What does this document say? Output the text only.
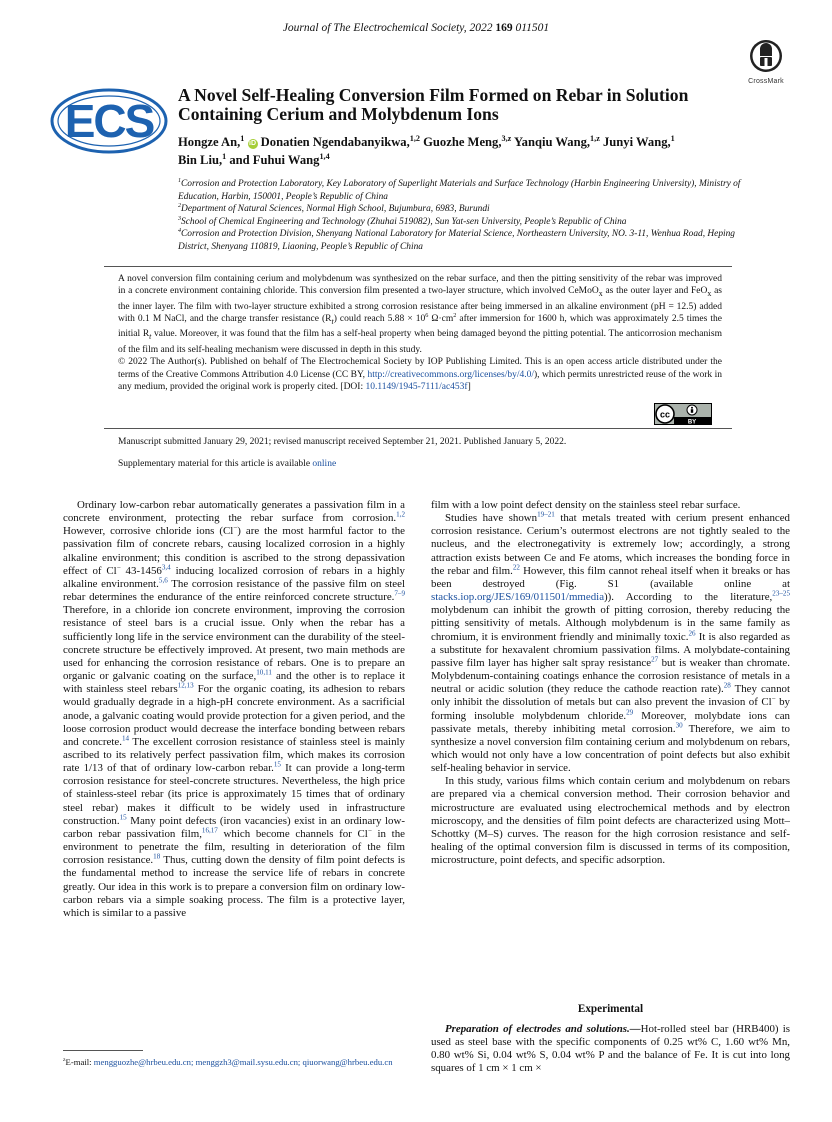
Journal of The Electrochemical Society, 2022 169 011501
CrossMark
ECS A Novel Self-Healing Conversion Film Formed on Rebar in Solution Containing Cerium and Molybdenum Ions
Hongze An,$^1$ iD Donatien Ngendabanyikwa,$^{1,2}$ Guozhe Meng,$^{3,z}$ Yanqiu Wang,$^{1,z}$ Junyi Wang,$^1$
Bin Liu,$^1$ and Fuhui Wang$^{1,4}$
$^1$Corrosion and Protection Laboratory, Key Laboratory of Superlight Materials and Surface Technology (Harbin Engineering University), Ministry of Education, Harbin, 150001, People’s Republic of China
$^2$Department of Natural Sciences, Normal High School, Bujumbura, 6983, Burundi
$^3$School of Chemical Engineering and Technology (Zhuhai 519082), Sun Yat-sen University, People’s Republic of China
$^4$Corrosion and Protection Division, Shenyang National Laboratory for Material Science, Northeastern University, NO. 3-11, Wenhua Road, Heping District, Shenyang 110819, Liaoning, People’s Republic of China

A novel conversion film containing cerium and molybdenum was synthesized on the rebar surface, and then the pitting sensitivity of the rebar was improved in a concrete environment containing chloride. This conversion film presented a two-layer structure, which involved CeMoO$_x$ as the outer layer and FeO$_x$ as the inner layer. The film with two-layer structure exhibited a strong corrosion resistance after being immersed in an alkaline environment (pH = 12.5) added with 0.1 M NaCl, and the charge transfer resistance $(R_t)$ could reach $5.88 \times 10^6$ $\Omega\cdot cm^2$ after immersion for 1600 h, which was approximately 2.5 times the initial $R_t$ value. Moreover, it was found that the film has a self-heal property when being damaged beyond the pitting potential. The anticorrosion mechanism of the film and its self-healing mechanism were discussed in depth in this study.

© 2022 The Author(s). Published on behalf of The Electrochemical Society by IOP Publishing Limited. This is an open access article distributed under the terms of the Creative Commons Attribution 4.0 License (CC BY, http://creativecommons.org/licenses/by/4.0/), which permits unrestricted reuse of the work in any medium, provided the original work is properly cited. [DOI: 10.1149/1945-7111/ac453f]

cc
BY
Manuscript submitted January 29, 2021; revised manuscript received September 21, 2021. Published January 5, 2022.
Supplementary material for this article is available online

Ordinary low-carbon rebar automatically generates a passivation film in a concrete environment, protecting the rebar surface from corrosion.$^{1,2}$ However, corrosive chloride ions (Cl−) are the most harmful factor to the passivation film of concrete rebars, causing localized corrosion in a highly alkaline environment; this condition is ascribed to the strong depassivation effect of Cl− 43-1456$^{3,4}$ inducing localized corrosion of rebars in a highly alkaline environment.$^{5,6}$ The corrosion resistance of the passive film on steel rebar determines the endurance of the entire reinforced concrete structure.$^{7-9}$ Therefore, in a chloride ion concrete environment, improving the corrosion resistance of steel bars is a crucial issue. Only when the rebar has a sufficiently long life in the service environment can the durability of the steel-concrete structure be effectively improved. At present, two main methods are used for enhancing the corrosion resistance of rebars. One is to prepare an organic or galvanic coating on the surface,$^{10,11}$ and the other is to replace it with stainless steel rebars$^{12,13}$ For the organic coating, its adhesion to rebars would gradually degrade in a high-pH concrete environment. As a sacrificial anode, a galvanic coating would provide protection for a given period, and the loose corrosion product would decrease the interface bonding between rebars and concrete.$^{14}$ The excellent corrosion resistance of stainless steel is mainly ascribed to its relatively perfect passivation film, which makes its corrosion rate 1/13 of that of ordinary low-carbon rebar.$^{15}$ It can provide a long-term corrosion resistance for steel-concrete structures. Nevertheless, the high price of stainless-steel rebar (its price is approximately 15 times that of ordinary steel rebar) makes it difficult to be widely used in infrastructure construction.$^{15}$ Many point defects (iron vacancies) exist in an ordinary low-carbon rebar passivation film,$^{16,17}$ which become channels for Cl− in the environment to penetrate the film, resulting in deterioration of the film corrosion resistance.$^{18}$ Thus, cutting down the density of film point defects is the fundamental method to increase the service life of rebars in concrete greatly. Our idea in this work is to prepare a conversion film on ordinary low-carbon rebars via a simple soaking process. The film is a protective layer, which is similar to a passive

film with a low point defect density on the stainless steel rebar surface.

Studies have shown$^{19-21}$ that metals treated with cerium present enhanced corrosion resistance. Cerium’s outermost electrons are not tightly sealed to the nucleus, and the electronegativity is extremely low; accordingly, a strong attraction exists between Ce and Fe atoms, which increases the bonding force in the rebar and film.$^{22}$ However, this film cannot reheal itself when it breaks or has been destroyed (Fig. S1 (available online at stacks.iop.org/JES/169/011501/mmedia)). According to the literature,$^{23-25}$ molybdenum can inhibit the growth of pitting corrosion, thereby reducing the pitting sensitivity of metals. Although molybdenum is in the same family as chromium, it is environment friendly and minimally toxic.$^{26}$ It is also regarded as a substitute for hexavalent chromium passivation films. A molybdate-containing passive film layer has higher salt spray resistance$^{27}$ but is weaker than chromate. Molybdenum-containing coatings enhance the corrosion resistance of metals in a neutral or acidic solution (they reduce the cathode reaction rate).$^{28}$ They cannot only inhibit the dissolution of metals but can also prevent the invasion of Cl− by forming insoluble molybdenum chloride.$^{29}$ Moreover, molybdate ions can passivate metals, thereby inhibiting metal corrosion.$^{30}$ Therefore, we aim to synthesize a novel conversion film containing cerium and molybdenum on rebars, which would not only have a low concentration of point defects but also exhibit self-healing behavior in service.

In this study, various films which contain cerium and molybdenum on rebars are prepared via a chemical conversion method. Their corrosion behavior and microstructure are evaluated using electrochemical methods and by electron microscopy, and the densities of film point defects are characterized using Mott–Schottky (M–S) curves. The reason for the high corrosion resistance and self-healing of the optimal conversion film is discussed in terms of its composition, microstructure, point defects, and specific adsorption.

Experimental

Preparation of electrodes and solutions.—Hot-rolled steel bar (HRB400) is used as steel base with the specific components of 0.25 wt% C, 1.60 wt% Mn, 0.80 wt% Si, 0.04 wt% S, 0.04 wt% P and the balance of Fe. It is cut into long squares of 1 cm × 1 cm ×

$^z$E-mail: mengguozhe@hrbeu.edu.cn; menggzh3@mail.sysu.edu.cn; qiuorwang@hrbeu.edu.cn
